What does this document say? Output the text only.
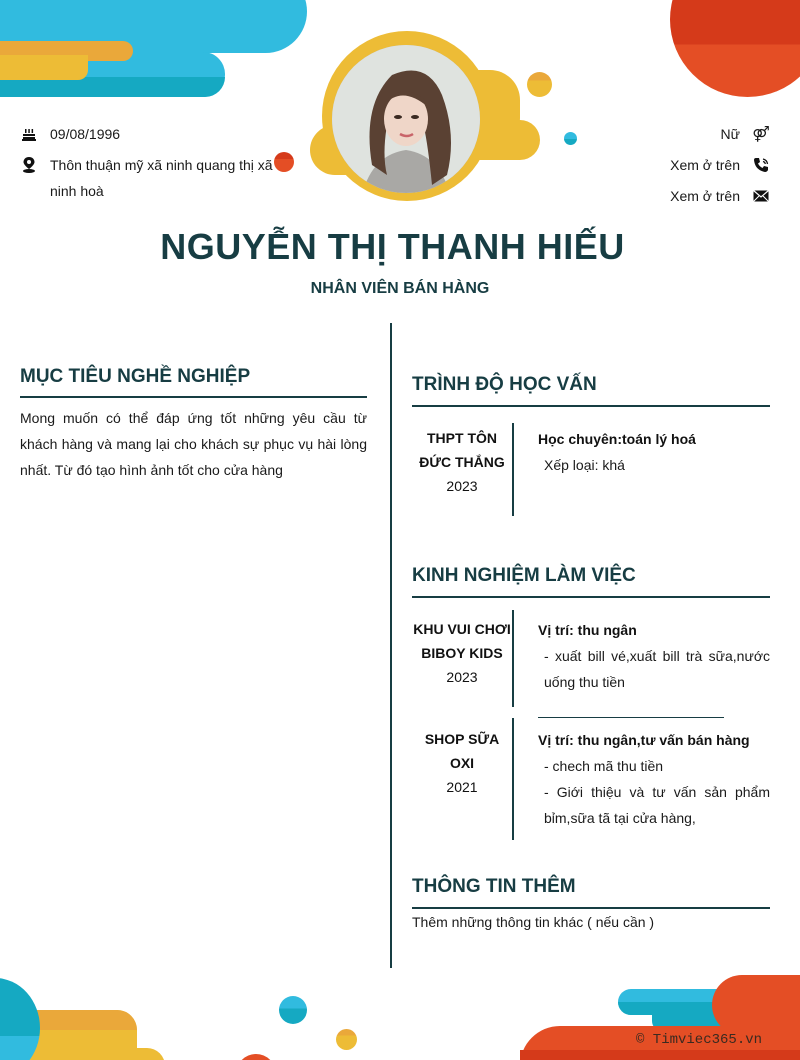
09/08/1996
Thôn thuận mỹ xã ninh quang thị xã ninh hoà
Nữ ⚤
Xem ở trên
Xem ở trên
NGUYỄN THỊ THANH HIẾU
NHÂN VIÊN BÁN HÀNG
MỤC TIÊU NGHỀ NGHIỆP
Mong muốn có thể đáp ứng tốt những yêu cầu từ khách hàng và mang lại cho khách sự phục vụ hài lòng nhất. Từ đó tạo hình ảnh tốt cho cửa hàng
TRÌNH ĐỘ HỌC VẤN
THPT TÔN
ĐỨC THẮNG
2023
Học chuyên:toán lý hoá
Xếp loại: khá
KINH NGHIỆM LÀM VIỆC
KHU VUI CHƠI
BIBOY KIDS
2023
Vị trí: thu ngân
- xuất bill vé,xuất bill trà sữa,nước uống thu tiền
SHOP SỮA
OXI
2021
Vị trí: thu ngân,tư vấn bán hàng
- chech mã thu tiền
- Giới thiệu và tư vấn sản phẩm bỉm,sữa tã tại cửa hàng,
THÔNG TIN THÊM
Thêm những thông tin khác ( nếu cần )
© Timviec365.vn
